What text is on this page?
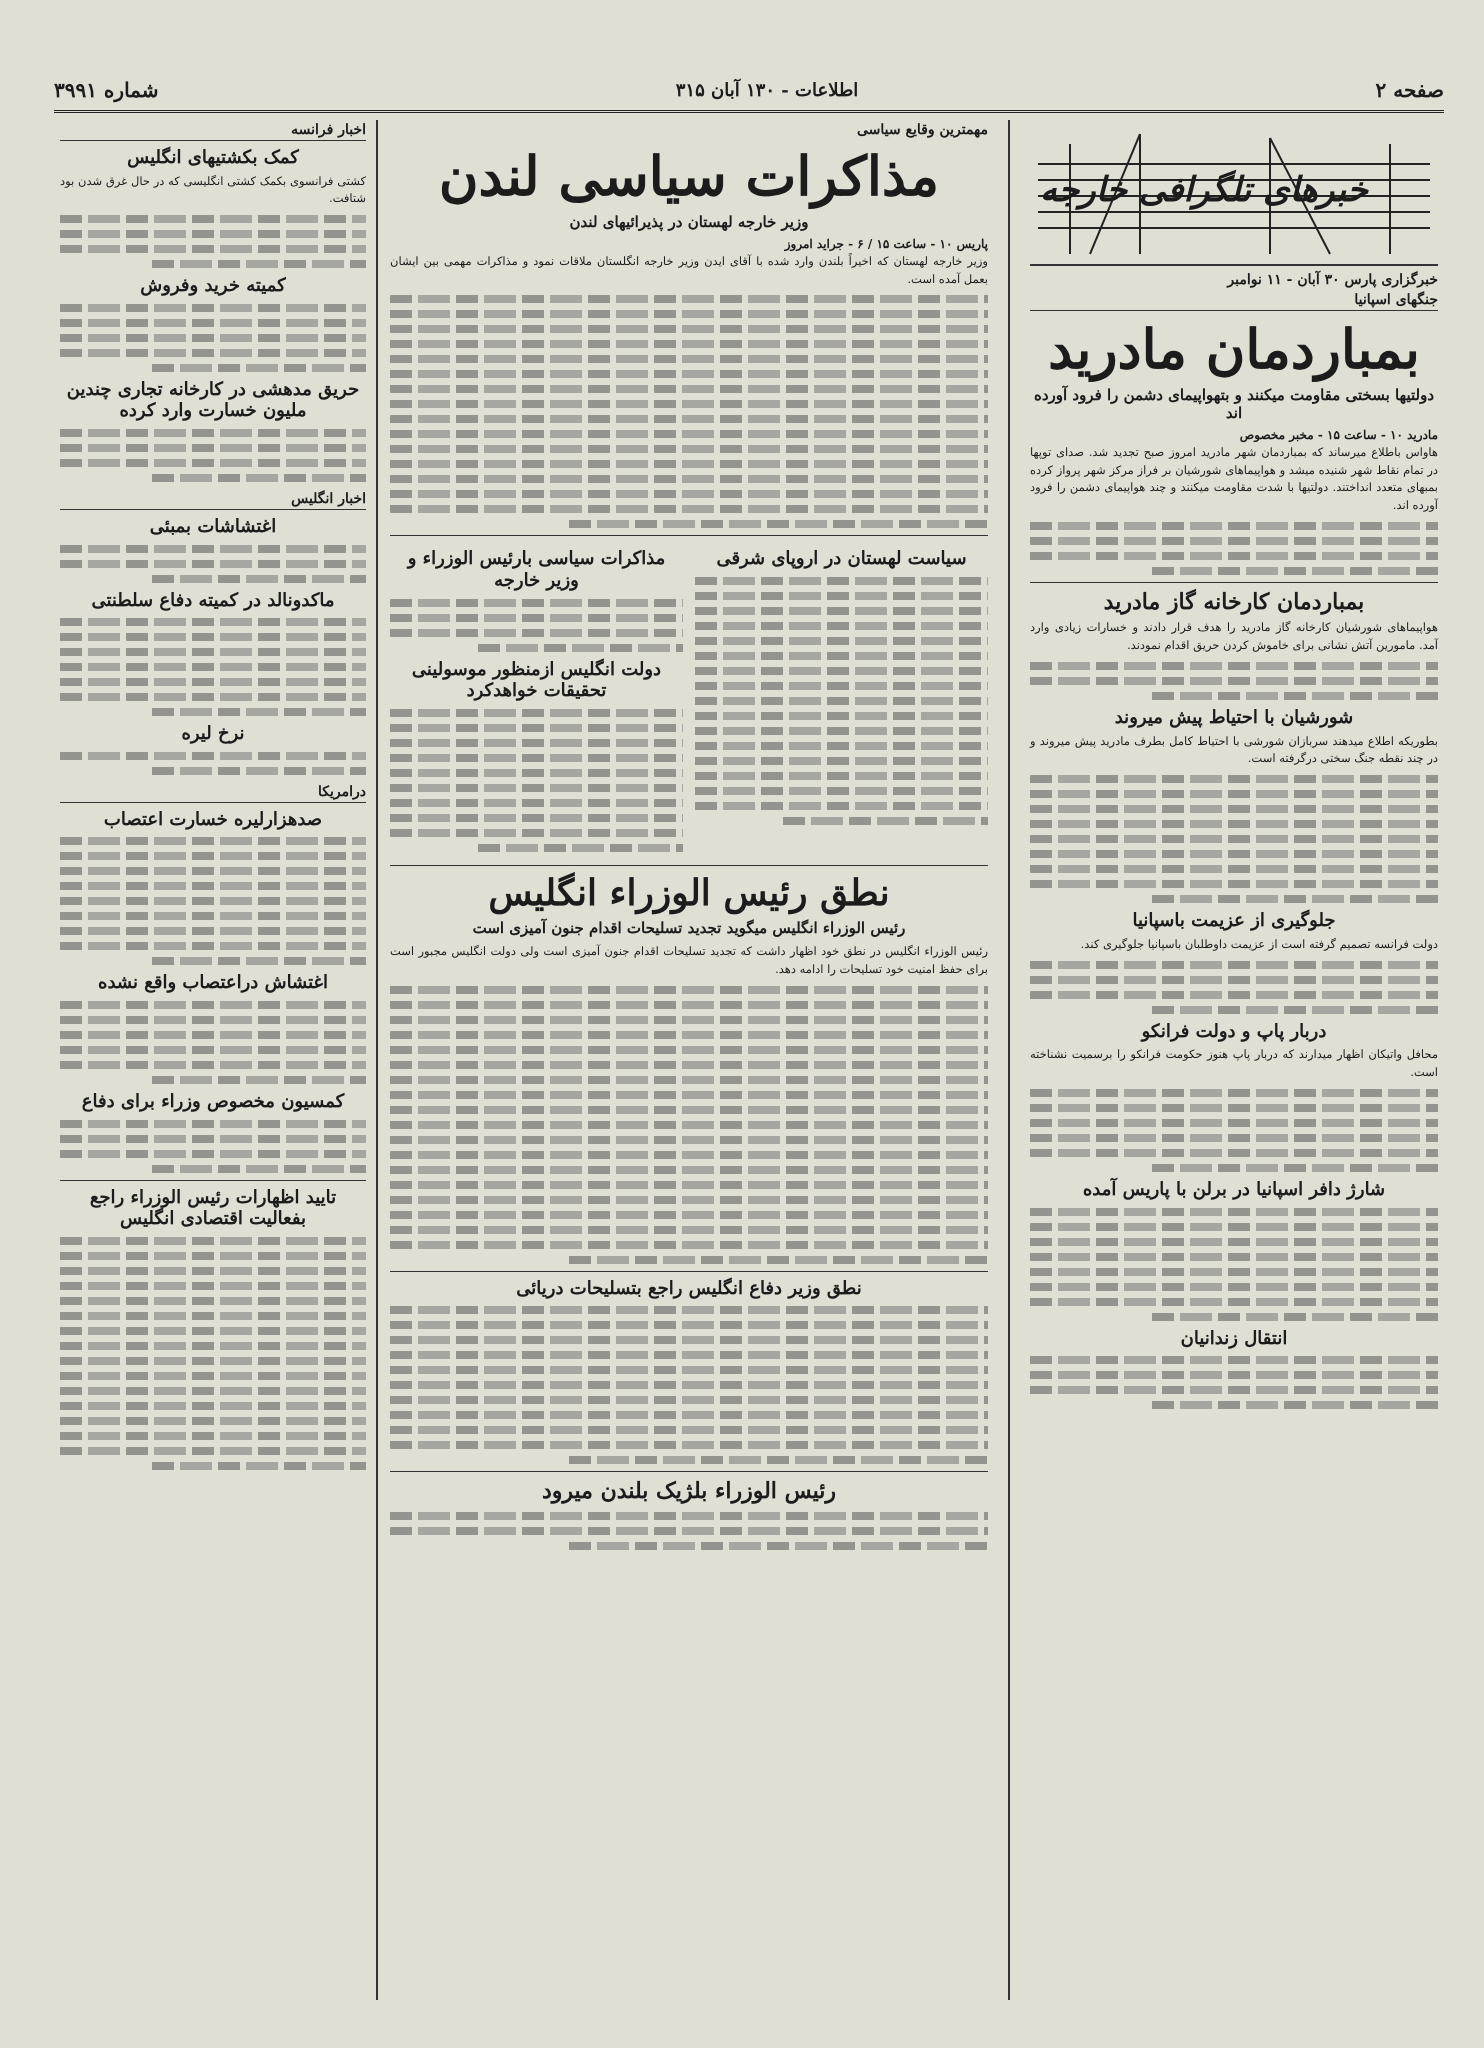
صفحه ۲
اطلاعات - ۱۳۰ آبان ۳۱۵
شماره ۳۹۹۱
خبرهای تلگرافی خارجه
خبرگزاری پارس ۳۰ آبان - ۱۱ نوامبر
جنگهای اسپانیا
بمباردمان مادرید
دولتیها بسختی مقاومت میکنند و بتهواپیمای دشمن را فرود آورده اند
مادرید ۱۰ - ساعت ۱۵ - مخبر مخصوص

هاواس باطلاع میرساند که بمباردمان شهر مادرید امروز صبح تجدید شد. صدای توپها در تمام نقاط شهر شنیده میشد و هواپیماهای شورشیان بر فراز مرکز شهر پرواز کرده بمبهای متعدد انداختند. دولتیها با شدت مقاومت میکنند و چند هواپیمای دشمن را فرود آورده اند.

بمباردمان کارخانه گاز مادرید

هواپیماهای شورشیان کارخانه گاز مادرید را هدف قرار دادند و خسارات زیادی وارد آمد. مامورین آتش نشانی برای خاموش کردن حریق اقدام نمودند.

شورشیان با احتیاط پیش میروند

بطوریکه اطلاع میدهند سربازان شورشی با احتیاط کامل بطرف مادرید پیش میروند و در چند نقطه جنگ سختی درگرفته است.

جلوگیری از عزیمت باسپانیا

دولت فرانسه تصمیم گرفته است از عزیمت داوطلبان باسپانیا جلوگیری کند.

دربار پاپ و دولت فرانکو

محافل واتیکان اظهار میدارند که دربار پاپ هنوز حکومت فرانکو را برسمیت نشناخته است.

شارژ دافر اسپانیا در برلن با پاریس آمده
انتقال زندانیان
مهمترین وقایع سیاسی
مذاکرات سیاسی لندن
وزیر خارجه لهستان در پذیرائیهای لندن
پاریس ۱۰ - ساعت ۱۵ / ۶ - جراید امروز

وزیر خارجه لهستان که اخیراً بلندن وارد شده با آقای ایدن وزیر خارجه انگلستان ملاقات نمود و مذاکرات مهمی بین ایشان بعمل آمده است.

سیاست لهستان در اروپای شرقی
مذاکرات سیاسی بارئیس الوزراء و وزیر خارجه
دولت انگلیس ازمنظور موسولینی تحقیقات خواهدکرد
نطق رئیس الوزراء انگلیس
رئیس الوزراء انگلیس میگوید تجدید تسلیحات اقدام جنون آمیزی است

رئیس الوزراء انگلیس در نطق خود اظهار داشت که تجدید تسلیحات اقدام جنون آمیزی است ولی دولت انگلیس مجبور است برای حفظ امنیت خود تسلیحات را ادامه دهد.

نطق وزیر دفاع انگلیس راجع بتسلیحات دریائی
رئیس الوزراء بلژیک بلندن میرود
اخبار فرانسه
کمک بکشتیهای انگلیس

کشتی فرانسوی بکمک کشتی انگلیسی که در حال غرق شدن بود شتافت.

کمیته خرید وفروش
حریق مدهشی در کارخانه تجاری چندین ملیون خسارت وارد کرده
اخبار انگلیس
اغتشاشات بمبئی
ماکدونالد در کمیته دفاع سلطنتی
نرخ لیره
درامریکا
صدهزارلیره خسارت اعتصاب
اغتشاش دراعتصاب واقع نشده
کمسیون مخصوص وزراء برای دفاع
تایید اظهارات رئیس الوزراء راجع بفعالیت اقتصادی انگلیس
